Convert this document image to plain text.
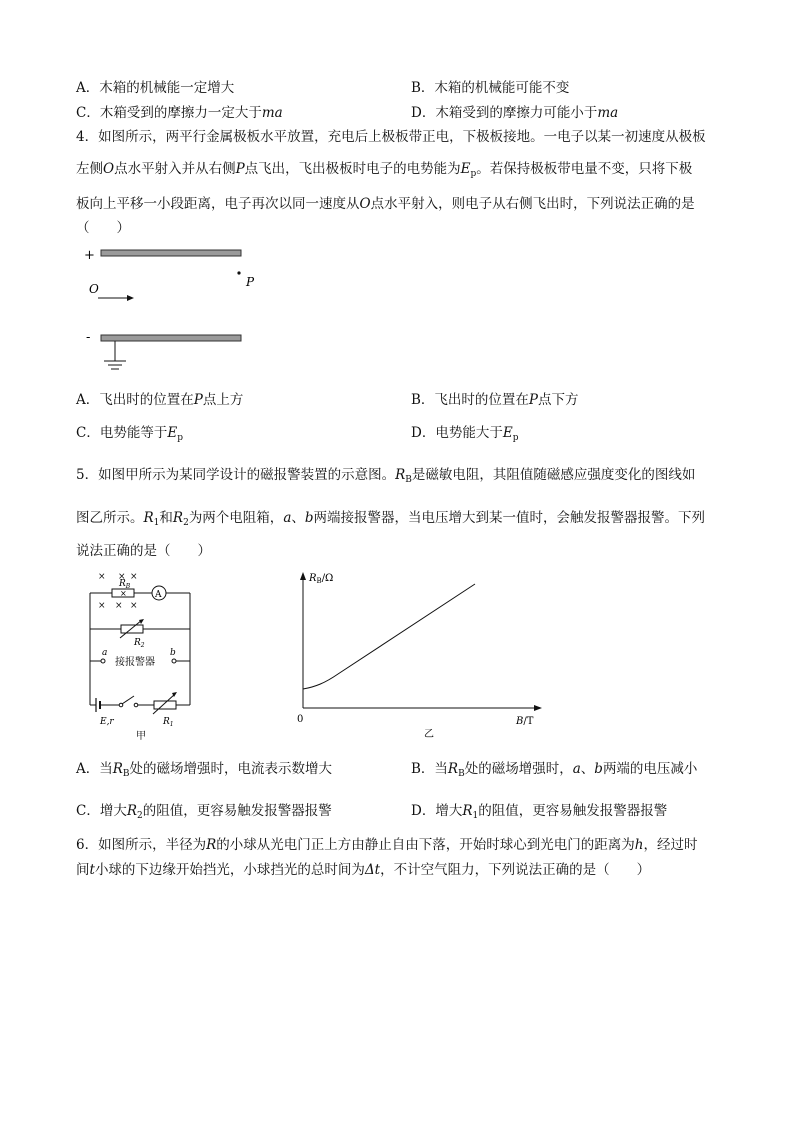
A．木箱的机械能一定增大	B．木箱的机械能可能不变
C．木箱受到的摩擦力一定大于ma	D．木箱受到的摩擦力可能小于ma
4．如图所示，两平行金属极板水平放置，充电后上极板带正电，下极板接地。一电子以某一初速度从极板
左侧O点水平射入并从右侧P点飞出，飞出极板时电子的电势能为$E_p$。若保持极板带电量不变，只将下极
板向上平移一小段距离，电子再次以同一速度从O点水平射入，则电子从右侧飞出时，下列说法正确的是
（　　）
+
P
O
-
A．飞出时的位置在P点上方	B．飞出时的位置在P点下方
C．电势能等于$E_p$	D．电势能大于$E_p$
5．如图甲所示为某同学设计的磁报警装置的示意图。$R_B$是磁敏电阻，其阻值随磁感应强度变化的图线如
图乙所示。$R_1$和$R_2$为两个电阻箱，a、b两端接报警器，当电压增大到某一值时，会触发报警器报警。下列
说法正确的是（　　）
× × ×
× × ×
×
$R_B$
A
$R_2$
a	b
接报警器
E,r	$R_1$
甲
$R_B/\Omega$
0	B/T
乙
A．当$R_B$处的磁场增强时，电流表示数增大	B．当$R_B$处的磁场增强时，a、b两端的电压减小
C．增大$R_2$的阻值，更容易触发报警器报警	D．增大$R_1$的阻值，更容易触发报警器报警
6．如图所示，半径为R的小球从光电门正上方由静止自由下落，开始时球心到光电门的距离为h，经过时
间t小球的下边缘开始挡光，小球挡光的总时间为Δt，不计空气阻力，下列说法正确的是（　　）
